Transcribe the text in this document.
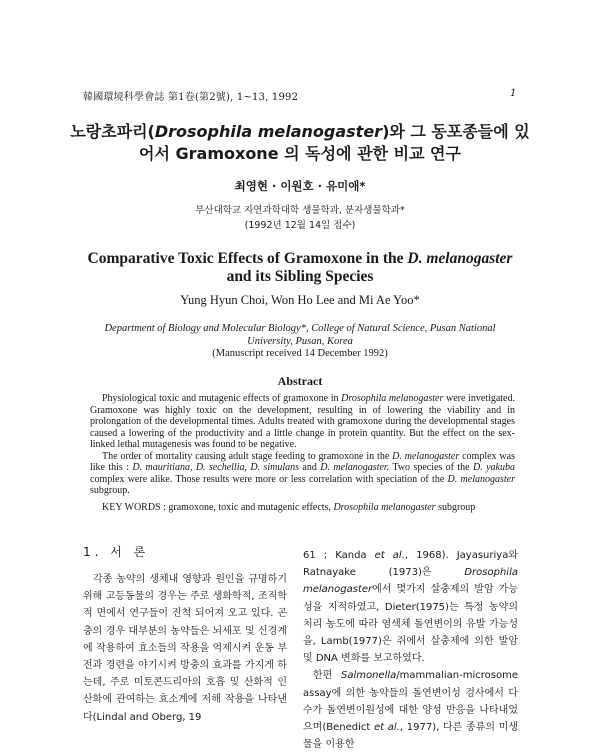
韓國環境科學會誌 第1卷(第2號), 1~13, 1992	1
노랑초파리(Drosophila melanogaster)와 그 동포종들에 있
어서 Gramoxone 의 독성에 관한 비교 연구
최영현 · 이원호 · 유미애*
부산대학교 자연과학대학 생물학과, 분자생물학과*
(1992년 12월 14일 접수)
Comparative Toxic Effects of Gramoxone in the D. melanogaster
and its Sibling Species
Yung Hyun Choi, Won Ho Lee and Mi Ae Yoo*
Department of Biology and Molecular Biology*, College of Natural Science, Pusan National
University, Pusan, Korea
(Manuscript received 14 December 1992)
Abstract

Physiological toxic and mutagenic effects of gramoxone in Drosophila melanogaster were invetigated. Gramoxone was highly toxic on the development, resulting in of lowering the viability and in prolongation of the developmental times. Adults treated with gramoxone during the developmental stages caused a lowering of the productivity and a little change in protein quantity. But the effect on the sex-linked lethal mutagenesis was found to be negative.

The order of mortality causing adult stage feeding to gramoxone in the D. melanogaster complex was like this : D. mauritiana, D. sechellia, D. simulans and D. melanogaster. Two species of the D. yakuba complex were alike. Those results were more or less correlation with speciation of the D. melanogaster subgroup.

KEY WORDS : gramoxone, toxic and mutagenic effects, Drosophila melanogaster subgroup
1. 서 론

각종 농약의 생체내 영향과 원인을 규명하기 위해 고등동물의 경우는 주로 생화학적, 조직학적 면에서 연구들이 진척 되어져 오고 있다. 곤충의 경우 대부분의 농약들은 뇌세포 및 신경계에 작용하여 효소들의 작용을 억제시켜 운동 부전과 경련을 야기시켜 방충의 효과를 가지게 하는데, 주로 미토콘드리아의 호흡 및 산화적 인산화에 관여하는 효소계에 저해 작용을 나타낸다(Lindal and Oberg, 19

61 ; Kanda et al., 1968). Jayasuriya와 Ratnayake (1973)은 Drosophila melanogaster에서 몇가지 살충제의 발암 가능성을 지적하였고, Dieter(1975)는 특정 농약의 처리 농도에 따라 염색체 돌연변이의 유발 가능성을, Lamb(1977)은 쥐에서 살충제에 의한 발암 및 DNA 변화를 보고하였다.

한편 Salmonella/mammalian-microsome assay에 의한 농약들의 돌연변이성 검사에서 다수가 돌연변이원성에 대한 양성 반응을 나타내었으며(Benedict et al., 1977), 다른 종류의 미생물을 이용한
